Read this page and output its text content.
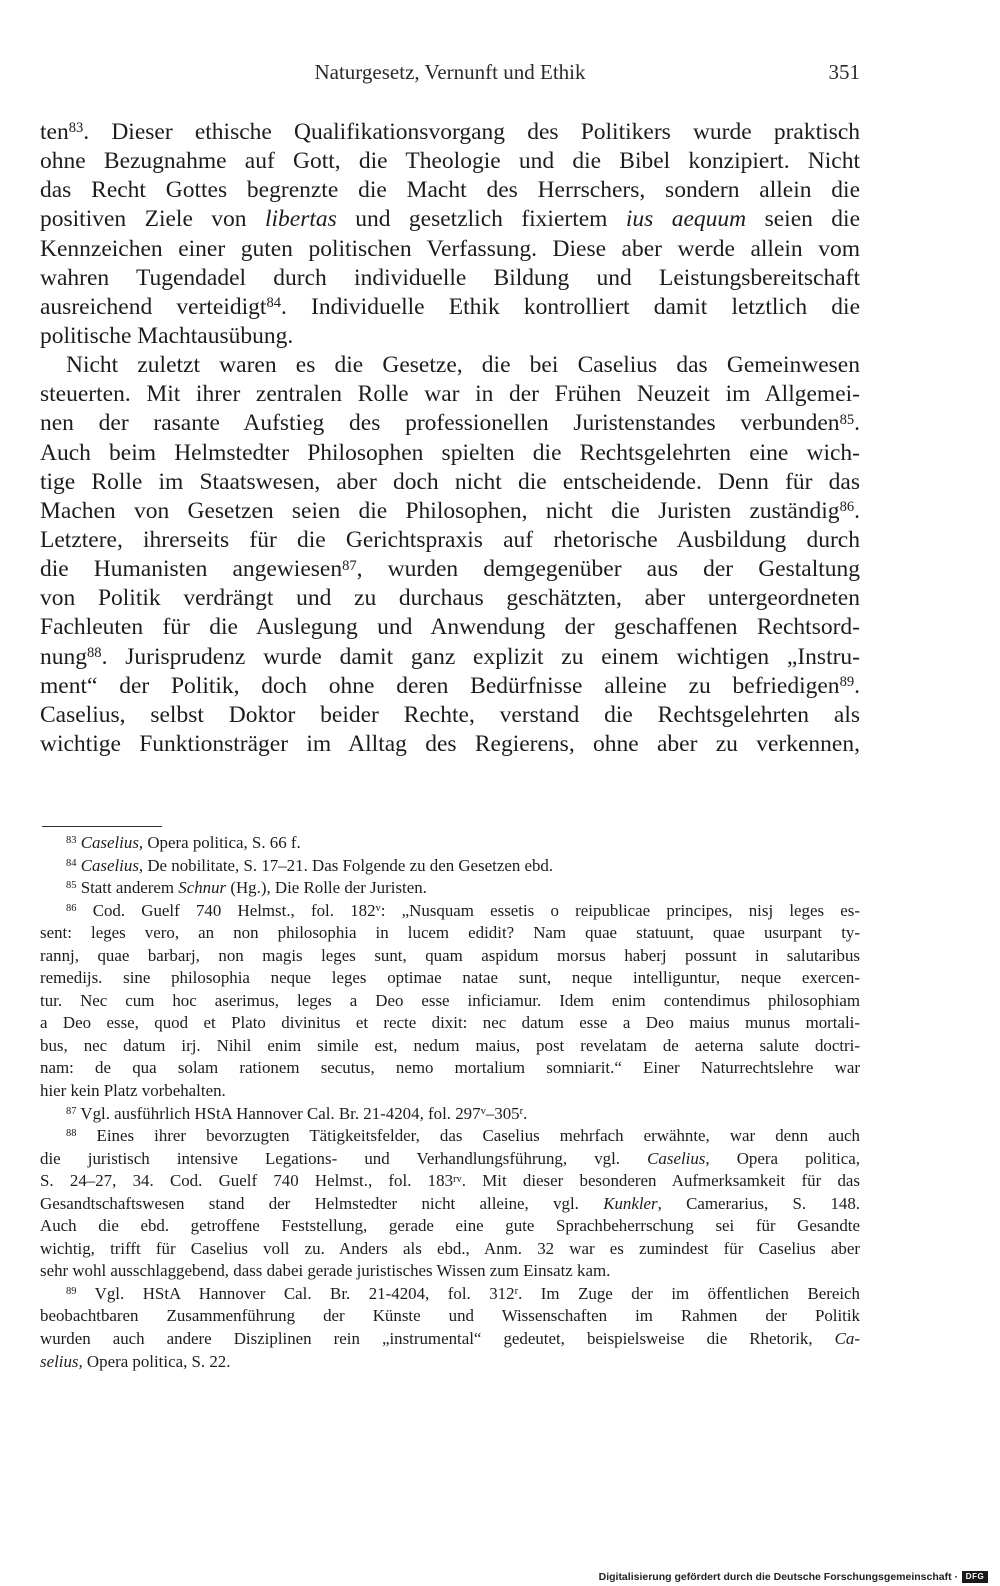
Naturgesetz, Vernunft und Ethik	351
ten$^{83}$. Dieser ethische Qualifikationsvorgang des Politikers wurde praktisch
ohne Bezugnahme auf Gott, die Theologie und die Bibel konzipiert. Nicht
das Recht Gottes begrenzte die Macht des Herrschers, sondern allein die
positiven Ziele von libertas und gesetzlich fixiertem ius aequum seien die
Kennzeichen einer guten politischen Verfassung. Diese aber werde allein vom
wahren Tugendadel durch individuelle Bildung und Leistungsbereitschaft
ausreichend verteidigt$^{84}$. Individuelle Ethik kontrolliert damit letztlich die
politische Machtausübung.
Nicht zuletzt waren es die Gesetze, die bei Caselius das Gemeinwesen
steuerten. Mit ihrer zentralen Rolle war in der Frühen Neuzeit im Allgemei-
nen der rasante Aufstieg des professionellen Juristenstandes verbunden$^{85}$.
Auch beim Helmstedter Philosophen spielten die Rechtsgelehrten eine wich-
tige Rolle im Staatswesen, aber doch nicht die entscheidende. Denn für das
Machen von Gesetzen seien die Philosophen, nicht die Juristen zuständig$^{86}$.
Letztere, ihrerseits für die Gerichtspraxis auf rhetorische Ausbildung durch
die Humanisten angewiesen$^{87}$, wurden demgegenüber aus der Gestaltung
von Politik verdrängt und zu durchaus geschätzten, aber untergeordneten
Fachleuten für die Auslegung und Anwendung der geschaffenen Rechtsord-
nung$^{88}$. Jurisprudenz wurde damit ganz explizit zu einem wichtigen „Instru-
ment“ der Politik, doch ohne deren Bedürfnisse alleine zu befriedigen$^{89}$.
Caselius, selbst Doktor beider Rechte, verstand die Rechtsgelehrten als
wichtige Funktionsträger im Alltag des Regierens, ohne aber zu verkennen,
$^{83}$ Caselius, Opera politica, S. 66 f.
$^{84}$ Caselius, De nobilitate, S. 17–21. Das Folgende zu den Gesetzen ebd.
$^{85}$ Statt anderem Schnur (Hg.), Die Rolle der Juristen.
$^{86}$ Cod. Guelf 740 Helmst., fol. 182$^v$: „Nusquam essetis o reipublicae principes, nisj leges es-
sent: leges vero, an non philosophia in lucem edidit? Nam quae statuunt, quae usurpant ty-
rannj, quae barbarj, non magis leges sunt, quam aspidum morsus haberj possunt in salutaribus
remedijs. sine philosophia neque leges optimae natae sunt, neque intelliguntur, neque exercen-
tur. Nec cum hoc aserimus, leges a Deo esse inficiamur. Idem enim contendimus philosophiam
a Deo esse, quod et Plato divinitus et recte dixit: nec datum esse a Deo maius munus mortali-
bus, nec datum irj. Nihil enim simile est, nedum maius, post revelatam de aeterna salute doctri-
nam: de qua solam rationem secutus, nemo mortalium somniarit.“ Einer Naturrechtslehre war
hier kein Platz vorbehalten.
$^{87}$ Vgl. ausführlich HStA Hannover Cal. Br. 21-4204, fol. 297$^v$–305$^r$.
$^{88}$ Eines ihrer bevorzugten Tätigkeitsfelder, das Caselius mehrfach erwähnte, war denn auch
die juristisch intensive Legations- und Verhandlungsführung, vgl. Caselius, Opera politica,
S. 24–27, 34. Cod. Guelf 740 Helmst., fol. $183^{rv}$. Mit dieser besonderen Aufmerksamkeit für das
Gesandtschaftswesen stand der Helmstedter nicht alleine, vgl. Kunkler, Camerarius, S. 148.
Auch die ebd. getroffene Feststellung, gerade eine gute Sprachbeherrschung sei für Gesandte
wichtig, trifft für Caselius voll zu. Anders als ebd., Anm. 32 war es zumindest für Caselius aber
sehr wohl ausschlaggebend, dass dabei gerade juristisches Wissen zum Einsatz kam.
$^{89}$ Vgl. HStA Hannover Cal. Br. 21-4204, fol. 312$^r$. Im Zuge der im öffentlichen Bereich
beobachtbaren Zusammenführung der Künste und Wissenschaften im Rahmen der Politik
wurden auch andere Disziplinen rein „instrumental“ gedeutet, beispielsweise die Rhetorik, Ca-
selius, Opera politica, S. 22.
Digitalisierung gefördert durch die Deutsche Forschungsgemeinschaft · DFG
